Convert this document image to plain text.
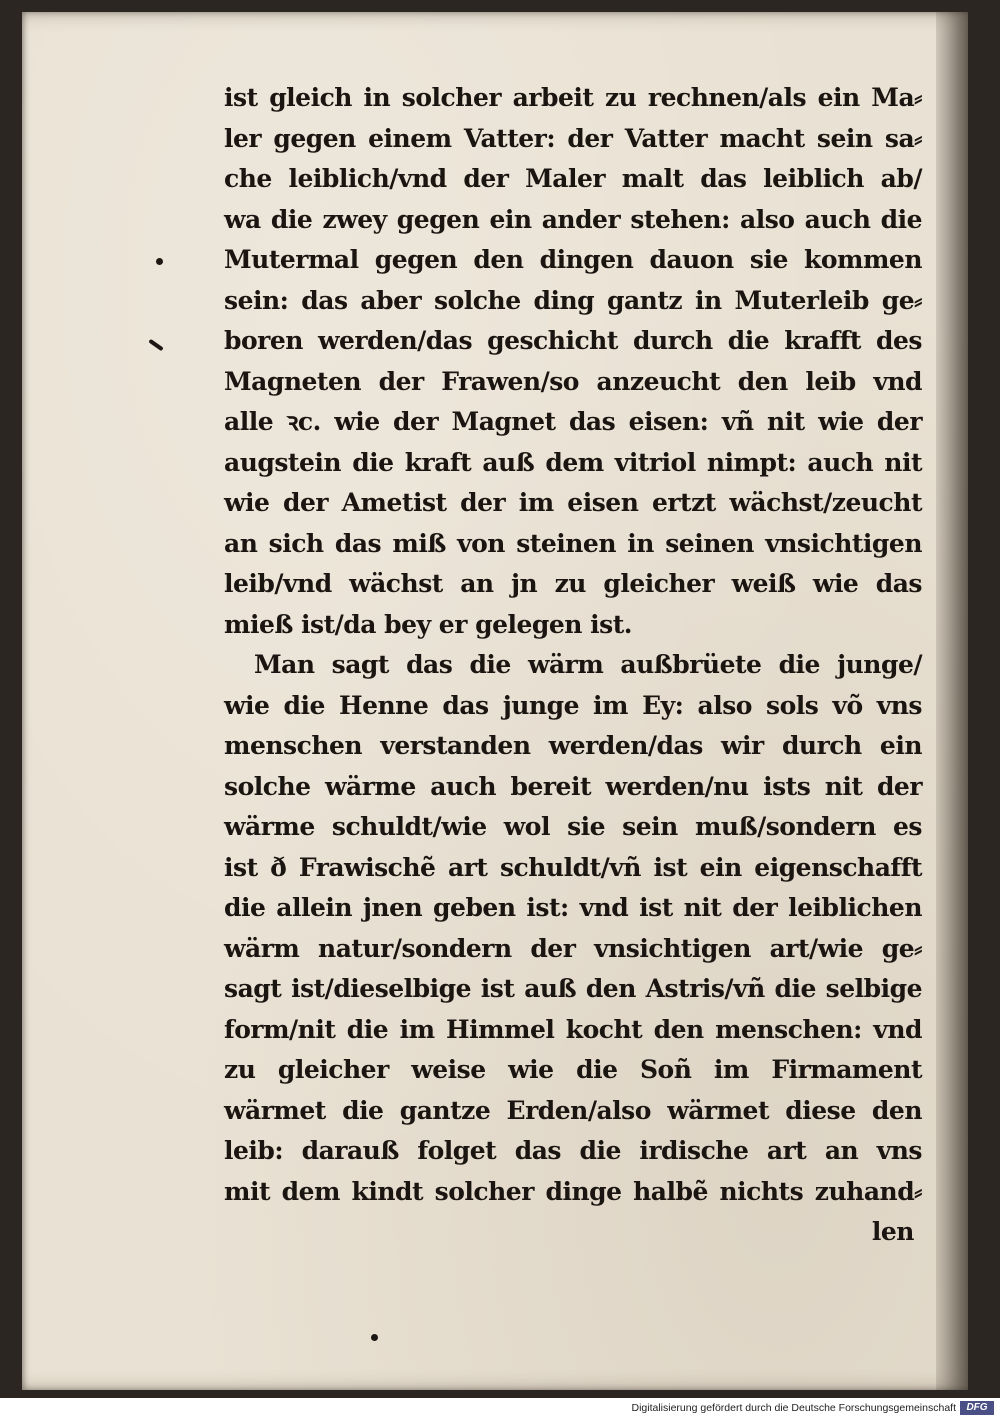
ist gleich in solcher arbeit zu rechnen/als ein Ma⸗
ler gegen einem Vatter: der Vatter macht sein sa⸗
che leiblich/vnd der Maler malt das leiblich ab/
wa die zwey gegen ein ander stehen: also auch die
Mutermal gegen den dingen dauon sie kommen
sein: das aber solche ding gantz in Muterleib ge⸗
boren werden/das geschicht durch die krafft des
Magneten der Frawen/so anzeucht den leib vnd
alle ꝛc. wie der Magnet das eisen: vñ nit wie der
augstein die kraft auß dem vitriol nimpt: auch nit
wie der Ametist der im eisen ertzt wächst/zeucht
an sich das miß von steinen in seinen vnsichtigen
leib/vnd wächst an jn zu gleicher weiß wie das
mieß ist/da bey er gelegen ist.
Man sagt das die wärm außbrüete die junge/
wie die Henne das junge im Ey: also sols võ vns
menschen verstanden werden/das wir durch ein
solche wärme auch bereit werden/nu ists nit der
wärme schuldt/wie wol sie sein muß/sondern es
ist ð Frawischẽ art schuldt/vñ ist ein eigenschafft
die allein jnen geben ist: vnd ist nit der leiblichen
wärm natur/sondern der vnsichtigen art/wie ge⸗
sagt ist/dieselbige ist auß den Astris/vñ die selbige
form/nit die im Himmel kocht den menschen: vnd
zu gleicher weise wie die Soñ im Firmament
wärmet die gantze Erden/also wärmet diese den
leib: darauß folget das die irdische art an vns
mit dem kindt solcher dinge halbẽ nichts zuhand⸗
len
Digitalisierung gefördert durch die Deutsche Forschungsgemeinschaft	DFG
